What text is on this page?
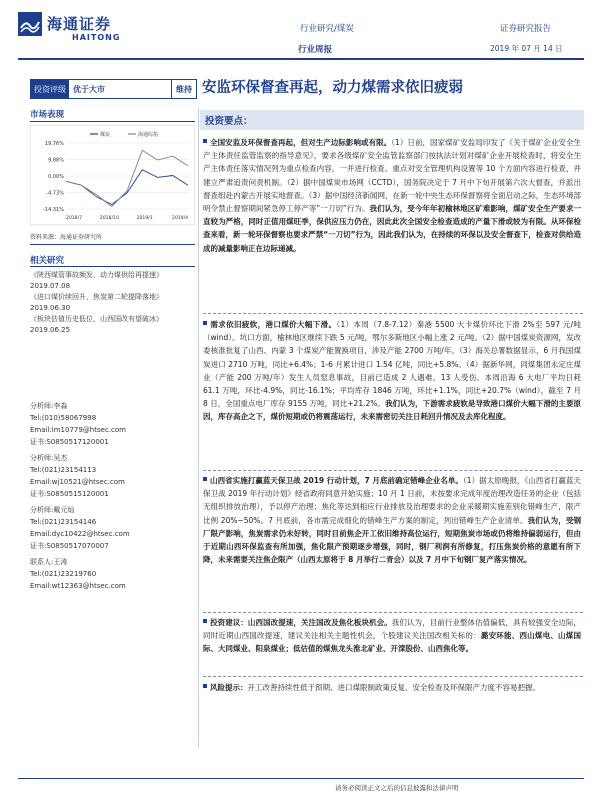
海通证券
HAITONG
行业研究/煤炭
行业周报
证券研究报告
2019 年 07 月 14 日
投资评级 优于大市	维持 安监环保督查再起，动力煤需求依旧疲弱
市场表现
煤炭	海通综指
19.76%
9.88%
0.00%
-4.73%
-14.31%
2018/7	2018/10	2019/1	2019/4
资料来源：海通证券研究所
相关研究
《陕西煤管事故频发，动力煤供给再提速》
2019.07.08
《进口煤价续回升，焦炭第二轮提降落地》
2019.06.30
《板块估值历史低位，山西国改有望破冰》
2019.06.25
分析师:李淼
Tel:(010)58067998
Email:lm10779@htsec.com
证书:S0850517120001
分析师:吴杰
Tel:(021)23154113
Email:wj10521@htsec.com
证书:S0850515120001
分析师:戴元灿
Tel:(021)23154146
Email:dyc10422@htsec.com
证书:S0850517070007
联系人:王涛
Tel:(021)23219760
Email:wt12363@htsec.com
投资要点：
全国安监及环保督查再起，但对生产边际影响或有限。（1）日前，国家煤矿安监局印发了《关于煤矿企业安全生产主体责任监管监察的指导意见》，要求各级煤矿安全监管监察部门按执法计划对煤矿企业开展检查时，将安全生产主体责任落实情况列为重点检查内容，一并进行检查。重点对安全管理机构设置等 10 个方面内容进行检查，并建立严肃追责问责机制。（2）据中国煤炭市场网（CCTD），国务院决定于 7 月中下旬开展第六次大督查，并派出督查组赴内蒙古开展实地督查。（3）据中国经济新闻网，在新一轮中央生态环保督察将全面启动之际，生态环境部明令禁止督察期间紧急停工停产等“一刀切”行为。我们认为，受今年年初榆林地区矿难影响，煤矿安全生产要求一直较为严格，同时正值用煤旺季，保供应压力仍在，因此此次全国安全检查造成的产量下滑或较为有限。从环保检查来看，新一轮环保督察也要求严禁“一刀切”行为，因此我们认为，在持续的环保以及安全督查下，检查对供给造成的减量影响正在边际递减。
需求依旧疲软，港口煤价大幅下滑。（1）本周（7.8-7.12）秦港 5500 大卡煤价环比下滑 2%至 597 元/吨（wind）。坑口方面，榆林地区继续下跌 5 元/吨，鄂尔多斯地区小幅上涨 2 元/吨。（2）据中国煤炭资源网，发改委核准批复了山西、内蒙 3 个煤炭产能置换项目，涉及产能 2700 万吨/年。（3）海关总署数据显示，6 月我国煤炭进口 2710 万吨，同比+6.4%；1-6 月累计进口 1.54 亿吨，同比+5.8%。（4）据新华网，同煤集团永定庄煤业（产能 200 万吨/年）发生人员窒息事故，目前已造成 2 人遇难，13 人受伤。本周沿海 6 大电厂平均日耗 61.1 万吨，环比-4.9%，同比-16.1%；平均库存 1846 万吨，环比+1.1%，同比+20.7%（wind），截至 7 月 8 日，全国重点电厂库存 9155 万吨，同比+21.2%。我们认为，下游需求疲软是导致港口煤价大幅下滑的主要原因，库存高企之下，煤价短期或仍将震荡运行，未来需密切关注日耗回升情况及去库化程度。
山西省实施打赢蓝天保卫战 2019 行动计划，7 月底前确定错峰企业名单。（1）据太原晚报，《山西省打赢蓝天保卫战 2019 年行动计划》经省政府同意开始实施；10 月 1 日前，未按要求完成年度治理改造任务的企业（包括无组织排放治理），予以停产治理；焦化等达到相应行业排放及治理要求的企业采暖期实施差别化错峰生产，限产比例 20%~50%。7 月底前，各市需完成细化的错峰生产方案的制定，列出错峰生产企业清单。我们认为，受钢厂限产影响，焦炭需求仍未好转，同时目前焦企开工依旧维持高位运行，短期焦炭市场或仍将维持偏弱运行，但由于近期山西环保监查有所加强，焦化限产预期逐步增强，同时，钢厂利润有所修复，打压焦炭价格的意愿有所下降，未来需要关注焦企限产（山西太原将于 8 月举行二青会）以及 7 月中下旬钢厂复产落实情况。
投资建议：山西国改提速，关注国改及焦化板块机会。我们认为，目前行业整体估值偏低，具有较强安全边际，同时近期山西国改提速，建议关注相关主题性机会，个股建议关注国改相关标的：潞安环能、西山煤电、山煤国际、大同煤业、阳泉煤业；低估值的煤焦龙头淮北矿业、开滦股份、山西焦化等。
风险提示：开工改善持续性低于预期、进口煤限制政策反复、安全检查及环保限产力度不容易把握。
请务必阅读正文之后的信息披露和法律声明
